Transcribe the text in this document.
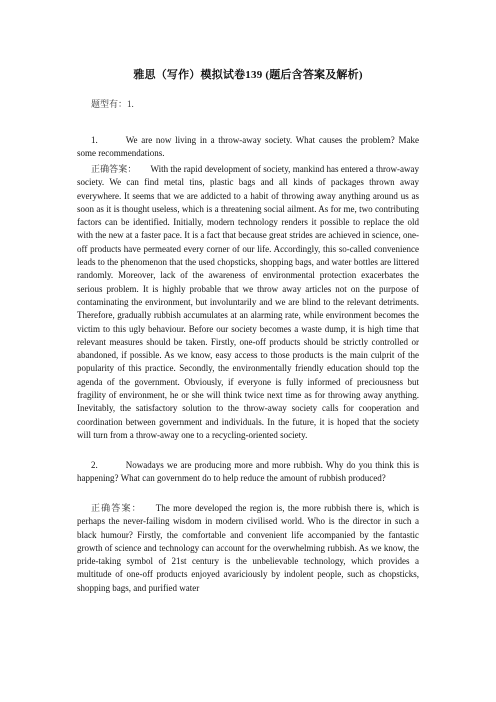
雅思（写作）模拟试卷139 (题后含答案及解析)
题型有：1.
1.	We are now living in a throw-away society. What causes the problem? Make some recommendations.
正确答案： With the rapid development of society, mankind has entered a throw-away society. We can find metal tins, plastic bags and all kinds of packages thrown away everywhere. It seems that we are addicted to a habit of throwing away anything around us as soon as it is thought useless, which is a threatening social ailment. As for me, two contributing factors can be identified. Initially, modern technology renders it possible to replace the old with the new at a faster pace. It is a fact that because great strides are achieved in science, one-off products have permeated every corner of our life. Accordingly, this so-called convenience leads to the phenomenon that the used chopsticks, shopping bags, and water bottles are littered randomly. Moreover, lack of the awareness of environmental protection exacerbates the serious problem. It is highly probable that we throw away articles not on the purpose of contaminating the environment, but involuntarily and we are blind to the relevant detriments. Therefore, gradually rubbish accumulates at an alarming rate, while environment becomes the victim to this ugly behaviour. Before our society becomes a waste dump, it is high time that relevant measures should be taken. Firstly, one-off products should be strictly controlled or abandoned, if possible. As we know, easy access to those products is the main culprit of the popularity of this practice. Secondly, the environmentally friendly education should top the agenda of the government. Obviously, if everyone is fully informed of preciousness but fragility of environment, he or she will think twice next time as for throwing away anything. Inevitably, the satisfactory solution to the throw-away society calls for cooperation and coordination between government and individuals. In the future, it is hoped that the society will turn from a throw-away one to a recycling-oriented society.
2.	Nowadays we are producing more and more rubbish. Why do you think this is happening? What can government do to help reduce the amount of rubbish produced?
正确答案： The more developed the region is, the more rubbish there is, which is perhaps the never-failing wisdom in modern civilised world. Who is the director in such a black humour? Firstly, the comfortable and convenient life accompanied by the fantastic growth of science and technology can account for the overwhelming rubbish. As we know, the pride-taking symbol of 21st century is the unbelievable technology, which provides a multitude of one-off products enjoyed avariciously by indolent people, such as chopsticks, shopping bags, and purified water
